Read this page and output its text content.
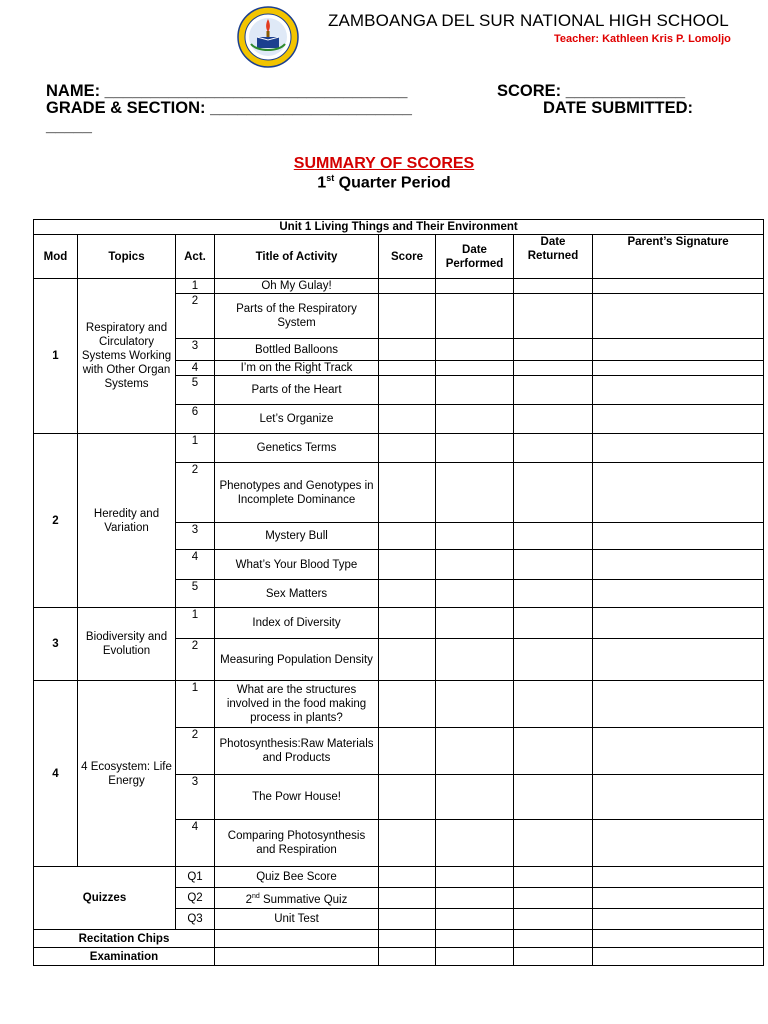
ZAMBOANGA DEL SUR NATIONAL HIGH SCHOOL
Teacher: Kathleen Kris P. Lomoljo
NAME: _________________________________	SCORE: _____________
GRADE & SECTION: ______________________	DATE SUBMITTED:
_____
SUMMARY OF SCORES
1st Quarter Period
Unit 1 Living Things and Their Environment							
Mod	Topics	Act.	Title of Activity	Score	Date Performed	Date Returned	Parent’s Signature
1	Respiratory and Circulatory Systems Working with Other Organ Systems	1	Oh My Gulay!				
		2	Parts of the Respiratory System				
		3	Bottled Balloons				
		4	I’m on the Right Track				
		5	Parts of the Heart				
		6	Let’s Organize				
2	Heredity and Variation	1	Genetics Terms				
		2	Phenotypes and Genotypes in Incomplete Dominance				
		3	Mystery Bull				
		4	What’s Your Blood Type				
		5	Sex Matters				
3	Biodiversity and Evolution	1	Index of Diversity				
		2	Measuring Population Density				
4	4 Ecosystem: Life Energy	1	What are the structures involved in the food making process in plants?				
		2	Photosynthesis:Raw Materials and Products				
		3	The Powr House!				
		4	Comparing Photosynthesis and Respiration				
Quizzes		Q1	Quiz Bee Score				
		Q2	2nd Summative Quiz				
		Q3	Unit Test				
Recitation Chips							
Examination							
